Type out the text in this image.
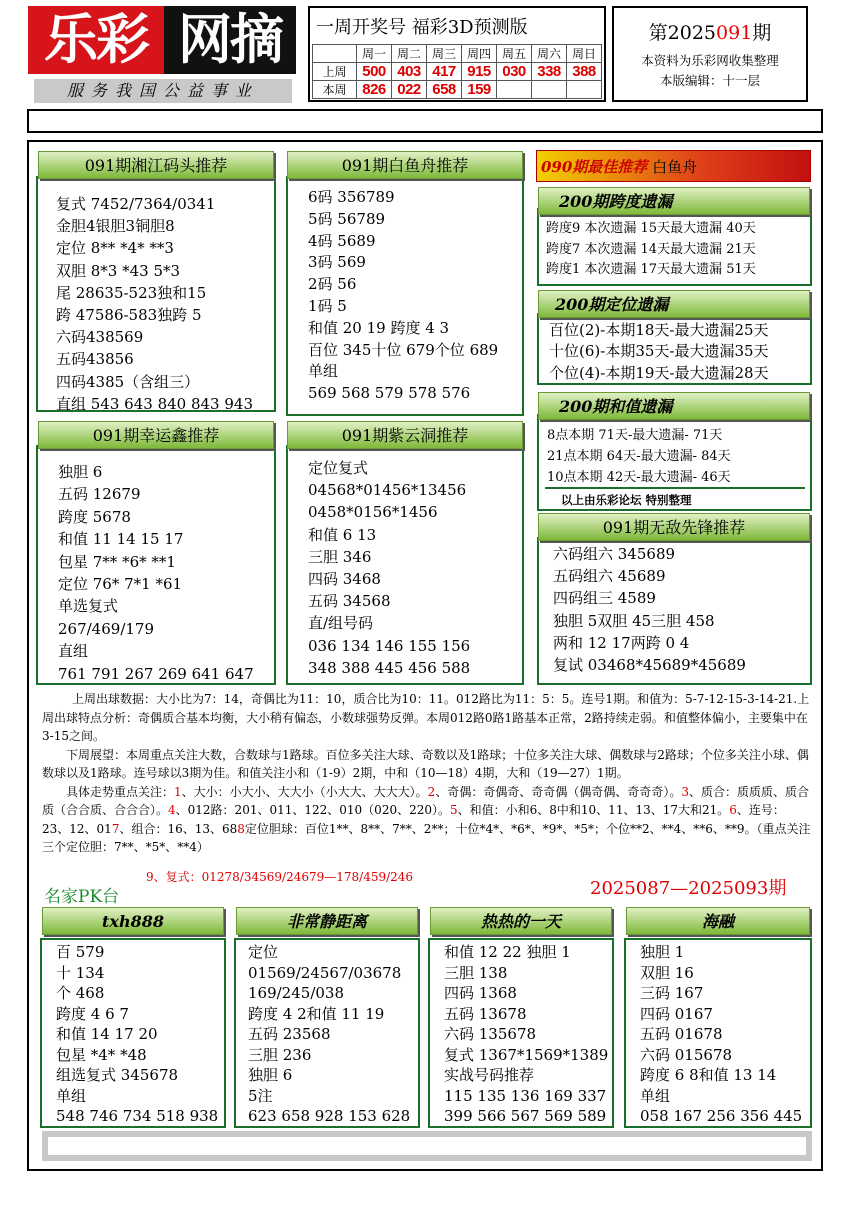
乐彩 网摘
服务我国公益事业
一周开奖号 福彩3D预测版
	周一	周二	周三	周四	周五	周六	周日
上周	500	403	417	915	030	338	388
本周	826	022	658	159			
第2025091期
本资料为乐彩网收集整理
本版编辑：十一层
复式 7452/7364/0341
金胆4银胆3铜胆8
定位 8** *4* **3
双胆 8*3 *43 5*3
尾 28635-523独和15
跨 47586-583独跨 5
六码438569
五码43856
四码4385（含组三）
直组 543 643 840 843 943
091期湘江码头推荐
6码 356789
5码 56789
4码 5689
3码 569
2码 56
1码 5
和值 20 19 跨度 4 3
百位 345十位 679个位 689
单组
569 568 579 578 576
091期白鱼舟推荐
独胆 6
五码 12679
跨度 5678
和值 11 14 15 17
包星 7** *6* **1
定位 76* 7*1 *61
单选复式
267/469/179
直组
761 791 267 269 641 647
091期幸运鑫推荐
定位复式
04568*01456*13456
0458*0156*1456
和值 6 13
三胆 346
四码 3468
五码 34568
直/组号码
036 134 146 155 156
348 388 445 456 588
091期紫云洞推荐
090期最佳推荐 白鱼舟
跨度9 本次遗漏 15天最大遗漏 40天
跨度7 本次遗漏 14天最大遗漏 21天
跨度1 本次遗漏 17天最大遗漏 51天
200期跨度遗漏
百位(2)-本期18天-最大遗漏25天
十位(6)-本期35天-最大遗漏35天
个位(4)-本期19天-最大遗漏28天
200期定位遗漏
8点本期 71天-最大遗漏- 71天
21点本期 64天-最大遗漏- 84天
10点本期 42天-最大遗漏- 46天
以上由乐彩论坛 特别整理
200期和值遗漏
六码组六 345689
五码组六 45689
四码组三 4589
独胆 5双胆 45三胆 458
两和 12 17两跨 0 4
复试 03468*45689*45689
091期无敌先锋推荐
上周出球数据：大小比为7：14，奇偶比为11：10，质合比为10：11。012路比为11：5：5。连号1期。和值为：5-7-12-15-3-14-21.上周出球特点分析：奇偶质合基本均衡，大小稍有偏态，小数球强势反弹。本周012路0路1路基本正常，2路持续走弱。和值整体偏小，主要集中在3-15之间。
下周展望：本周重点关注大数，合数球与1路球。百位多关注大球、奇数以及1路球；十位多关注大球、偶数球与2路球；个位多关注小球、偶数球以及1路球。连号球以3期为佳。和值关注小和（1-9）2期，中和（10—18）4期，大和（19—27）1期。
具体走势重点关注：1、大小：小大小、大大小（小大大、大大大）。2、奇偶：奇偶奇、奇奇偶（偶奇偶、奇奇奇）。3、质合：质质质、质合质（合合质、合合合）。4、012路：201、011、122、010（020、220）。5、和值：小和6、8中和10、11、13、17大和21。6、连号：23、12、017、组合：16、13、688定位胆球：百位1**、8**、7**、2**；十位*4*、*6*、*9*、*5*；个位**2、**4、**6、**9。（重点关注三个定位胆：7**、*5*、**4）
9、复式：01278/34569/24679—178/459/246
名家PK台	2025087—2025093期
百 579
十 134
个 468
跨度 4 6 7
和值 14 17 20
包星 *4* *48
组选复式 345678
单组
548 746 734 518 938
txh888
定位
01569/24567/03678
169/245/038
跨度 4 2和值 11 19
五码 23568
三胆 236
独胆 6
5注
623 658 928 153 628
非常静距离
和值 12 22 独胆 1
三胆 138
四码 1368
五码 13678
六码 135678
复式 1367*1569*1389
实战号码推荐
115 135 136 169 337
399 566 567 569 589
热热的一天
独胆 1
双胆 16
三码 167
四码 0167
五码 01678
六码 015678
跨度 6 8和值 13 14
单组
058 167 256 356 445
海融
